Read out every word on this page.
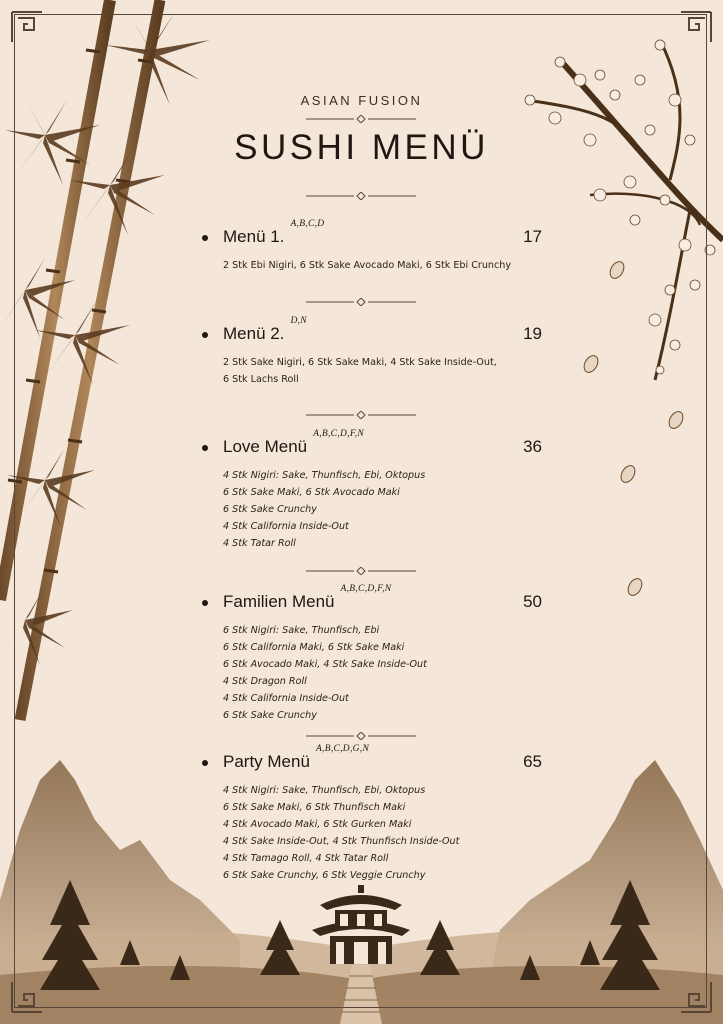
ASIAN FUSION
SUSHI MENÜ
Menü 1.$^{A,B,C,D}$
17
2 Stk Ebi Nigiri, 6 Stk Sake Avocado Maki, 6 Stk Ebi Crunchy
Menü 2.$^{D,N}$
19
2 Stk Sake Nigiri, 6 Stk Sake Maki, 4 Stk Sake Inside-Out,
6 Stk Lachs Roll
Love Menü$^{A,B,C,D,F,N}$
36
4 Stk Nigiri: Sake, Thunfisch, Ebi, Oktopus
6 Stk Sake Maki, 6 Stk Avocado Maki
6 Stk Sake Crunchy
4 Stk California Inside-Out
4 Stk Tatar Roll
Familien Menü$^{A,B,C,D,F,N}$
50
6 Stk Nigiri: Sake, Thunfisch, Ebi
6 Stk California Maki, 6 Stk Sake Maki
6 Stk Avocado Maki, 4 Stk Sake Inside-Out
4 Stk Dragon Roll
4 Stk California Inside-Out
6 Stk Sake Crunchy
Party Menü$^{A,B,C,D,G,N}$
65
4 Stk Nigiri: Sake, Thunfisch, Ebi, Oktopus
6 Stk Sake Maki, 6 Stk Thunfisch Maki
4 Stk Avocado Maki, 6 Stk Gurken Maki
4 Stk Sake Inside-Out, 4 Stk Thunfisch Inside-Out
4 Stk Tamago Roll, 4 Stk Tatar Roll
6 Stk Sake Crunchy, 6 Stk Veggie Crunchy
